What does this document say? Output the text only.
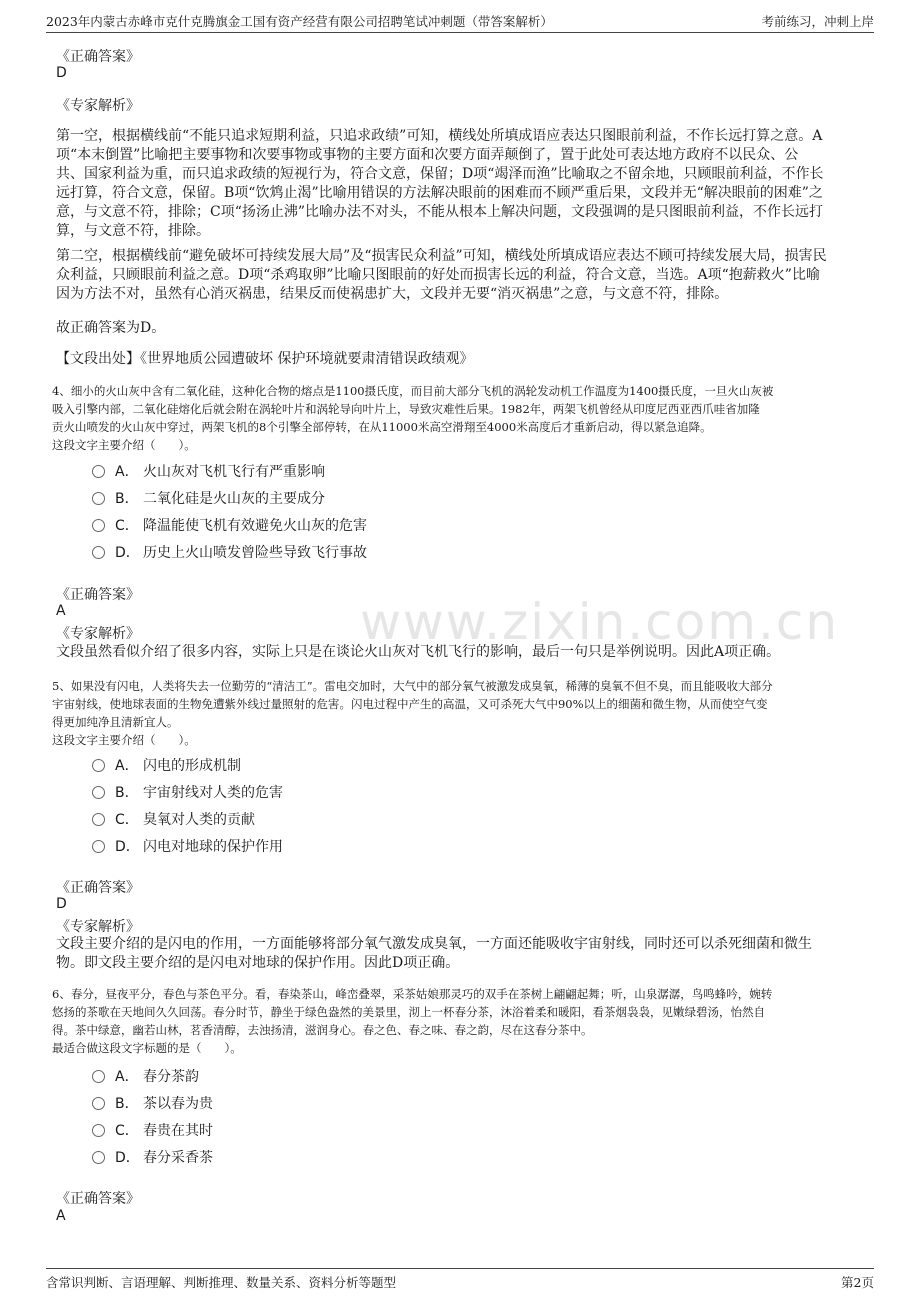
2023年内蒙古赤峰市克什克腾旗金工国有资产经营有限公司招聘笔试冲刺题（带答案解析）	考前练习，冲刺上岸
www.zixin.com.cn
《正确答案》
D
《专家解析》
第一空，根据横线前“不能只追求短期利益，只追求政绩”可知，横线处所填成语应表达只图眼前利益，不作长远打算之意。A
项“本末倒置”比喻把主要事物和次要事物或事物的主要方面和次要方面弄颠倒了，置于此处可表达地方政府不以民众、公
共、国家利益为重，而只追求政绩的短视行为，符合文意，保留；D项“竭泽而渔”比喻取之不留余地，只顾眼前利益，不作长
远打算，符合文意，保留。B项“饮鸩止渴”比喻用错误的方法解决眼前的困难而不顾严重后果，文段并无“解决眼前的困难”之
意，与文意不符，排除；C项“扬汤止沸”比喻办法不对头，不能从根本上解决问题，文段强调的是只图眼前利益，不作长远打
算，与文意不符，排除。
第二空，根据横线前“避免破坏可持续发展大局”及“损害民众利益”可知，横线处所填成语应表达不顾可持续发展大局，损害民
众利益，只顾眼前利益之意。D项“杀鸡取卵”比喻只图眼前的好处而损害长远的利益，符合文意，当选。A项“抱薪救火”比喻
因为方法不对，虽然有心消灭祸患，结果反而使祸患扩大，文段并无要“消灭祸患”之意，与文意不符，排除。
故正确答案为D。
【文段出处】《世界地质公园遭破坏 保护环境就要肃清错误政绩观》
4、细小的火山灰中含有二氧化硅，这种化合物的熔点是1100摄氏度，而目前大部分飞机的涡轮发动机工作温度为1400摄氏度，一旦火山灰被
吸入引擎内部，二氧化硅熔化后就会附在涡轮叶片和涡轮导向叶片上，导致灾难性后果。1982年，两架飞机曾经从印度尼西亚西爪哇省加隆
贡火山喷发的火山灰中穿过，两架飞机的8个引擎全部停转，在从11000米高空滑翔至4000米高度后才重新启动，得以紧急追降。
这段文字主要介绍（　　）。
A． 火山灰对飞机飞行有严重影响
B． 二氧化硅是火山灰的主要成分
C． 降温能使飞机有效避免火山灰的危害
D． 历史上火山喷发曾险些导致飞行事故
《正确答案》
A
《专家解析》
文段虽然看似介绍了很多内容，实际上只是在谈论火山灰对飞机飞行的影响，最后一句只是举例说明。因此A项正确。
5、如果没有闪电，人类将失去一位勤劳的“清洁工”。雷电交加时，大气中的部分氧气被激发成臭氧，稀薄的臭氧不但不臭，而且能吸收大部分
宇宙射线，使地球表面的生物免遭紫外线过量照射的危害。闪电过程中产生的高温，又可杀死大气中90%以上的细菌和微生物，从而使空气变
得更加纯净且清新宜人。
这段文字主要介绍（　　）。
A． 闪电的形成机制
B． 宇宙射线对人类的危害
C． 臭氧对人类的贡献
D． 闪电对地球的保护作用
《正确答案》
D
《专家解析》
文段主要介绍的是闪电的作用，一方面能够将部分氧气激发成臭氧，一方面还能吸收宇宙射线，同时还可以杀死细菌和微生
物。即文段主要介绍的是闪电对地球的保护作用。因此D项正确。
6、春分，昼夜平分，春色与茶色平分。看，春染茶山，峰峦叠翠，采茶姑娘那灵巧的双手在茶树上翩翩起舞；听，山泉潺潺，鸟鸣蜂吟，婉转
悠扬的茶歌在天地间久久回荡。春分时节，静坐于绿色盎然的美景里，沏上一杯春分茶，沐浴着柔和暖阳，看茶烟袅袅，见嫩绿碧汤，怡然自
得。茶中绿意，幽若山林，茗香清醇，去浊扬清，滋润身心。春之色、春之味、春之韵，尽在这春分茶中。
最适合做这段文字标题的是（　　）。
A． 春分茶韵
B． 茶以春为贵
C． 春贵在其时
D． 春分采香茶
《正确答案》
A
含常识判断、言语理解、判断推理、数量关系、资料分析等题型	第2页
